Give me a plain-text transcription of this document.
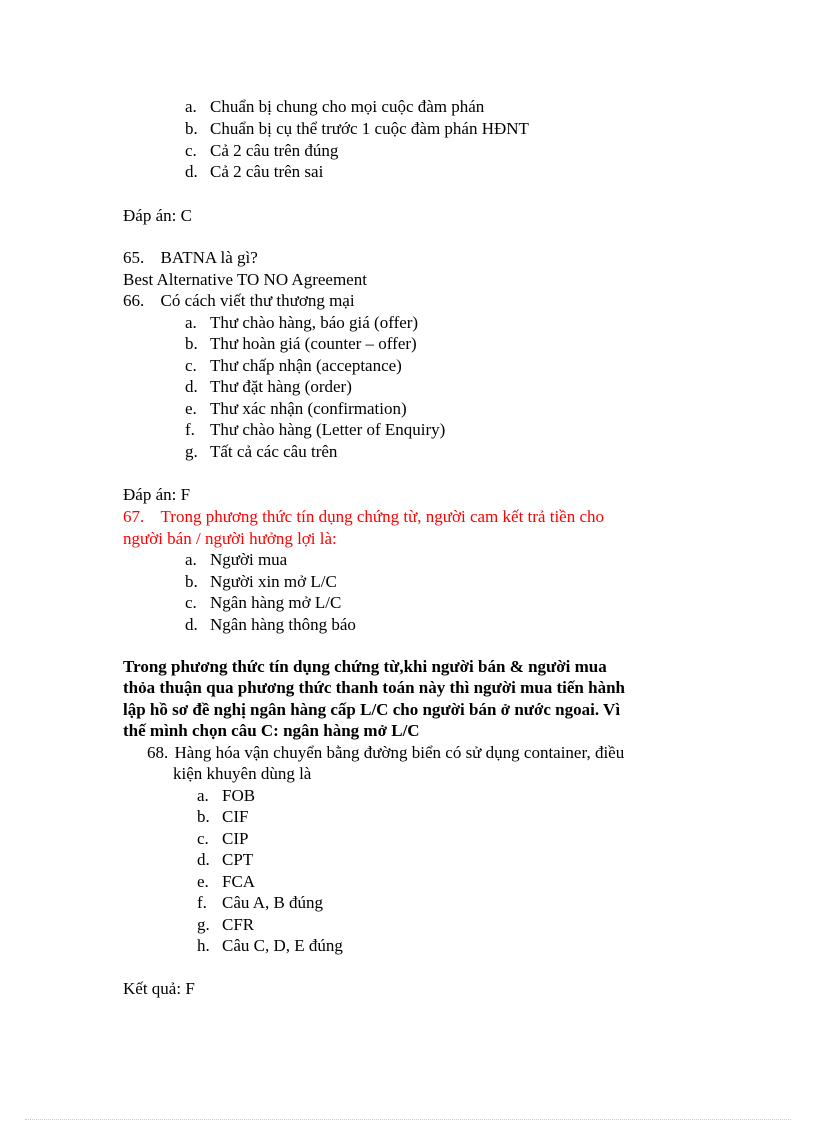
a. Chuẩn bị chung cho mọi cuộc đàm phán
b. Chuẩn bị cụ thể trước 1 cuộc đàm phán HĐNT
c. Cả 2 câu trên đúng
d. Cả 2 câu trên sai
Đáp án: C
65. BATNA là gì?
Best Alternative TO NO Agreement
66. Có cách viết thư thương mại
a. Thư chào hàng, báo giá (offer)
b. Thư hoàn giá (counter – offer)
c. Thư chấp nhận (acceptance)
d. Thư đặt hàng (order)
e. Thư xác nhận (confirmation)
f. Thư chào hàng (Letter of Enquiry)
g. Tất cả các câu trên
Đáp án: F
67. Trong phương thức tín dụng chứng từ, người cam kết trả tiền cho
người bán / người hưởng lợi là:
a. Người mua
b. Người xin mở L/C
c. Ngân hàng mở L/C
d. Ngân hàng thông báo
Trong phương thức tín dụng chứng từ,khi người bán & người mua
thỏa thuận qua phương thức thanh toán này thì người mua tiến hành
lập hồ sơ đề nghị ngân hàng cấp L/C cho người bán ở nước ngoai. Vì
thế mình chọn câu C: ngân hàng mở L/C
68. Hàng hóa vận chuyển bằng đường biển có sử dụng container, điều
kiện khuyên dùng là
a. FOB
b. CIF
c. CIP
d. CPT
e. FCA
f. Câu A, B đúng
g. CFR
h. Câu C, D, E đúng
Kết quả: F
